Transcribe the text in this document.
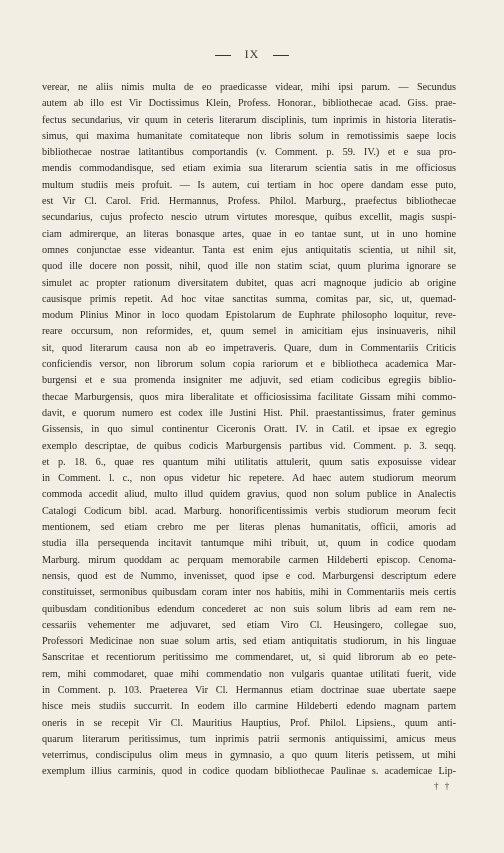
IX
verear, ne aliis nimis multa de eo praedicasse videar, mihi ipsi parum. — Secundus
autem ab illo est Vir Doctissimus Klein, Profess. Honorar., bibliothecae acad. Giss. prae-
fectus secundarius, vir quum in ceteris literarum disciplinis, tum inprimis in historia literatis-
simus, qui maxima humanitate comitateque non libris solum in remotissimis saepe locis
bibliothecae nostrae latitantibus comportandis (v. Comment. p. 59. IV.) et e sua pro-
mendis commodandisque, sed etiam eximia sua literarum scientia satis in me officiosus
multum studiis meis profuit. — Is autem, cui tertiam in hoc opere dandam esse puto,
est Vir Cl. Carol. Frid. Hermannus, Profess. Philol. Marburg., praefectus bibliothecae
secundarius, cujus profecto nescio utrum virtutes moresque, quibus excellit, magis suspi-
ciam admirerque, an literas bonasque artes, quae in eo tantae sunt, ut in uno homine
omnes conjunctae esse videantur. Tanta est enim ejus antiquitatis scientia, ut nihil sit,
quod ille docere non possit, nihil, quod ille non statim sciat, quum plurima ignorare se
simulet ac propter rationum diversitatem dubitet, quas acri magnoque judicio ab origine
causisque primis repetit. Ad hoc vitae sanctitas summa, comitas par, sic, ut, quemad-
modum Plinius Minor in loco quodam Epistolarum de Euphrate philosopho loquitur, reve-
reare occursum, non reformides, et, quum semel in amicitiam ejus insinuaveris, nihil
sit, quod literarum causa non ab eo impetraveris. Quare, dum in Commentariis Criticis
conficiendis versor, non librorum solum copia rariorum et e bibliotheca academica Mar-
burgensi et e sua promenda insigniter me adjuvit, sed etiam codicibus egregiis biblio-
thecae Marburgensis, quos mira liberalitate et officiosissima facilitate Gissam mihi commo-
davit, e quorum numero est codex ille Justini Hist. Phil. praestantissimus, frater geminus
Gissensis, in quo simul continentur Ciceronis Oratt. IV. in Catil. et ipsae ex egregio
exemplo descriptae, de quibus codicis Marburgensis partibus vid. Comment. p. 3. seqq.
et p. 18. 6., quae res quantum mihi utilitatis attulerit, quum satis exposuisse videar
in Comment. l. c., non opus videtur hic repetere. Ad haec autem studiorum meorum
commoda accedit aliud, multo illud quidem gravius, quod non solum publice in Analectis
Catalogi Codicum bibl. acad. Marburg. honorificentissimis verbis studiorum meorum fecit
mentionem, sed etiam crebro me per literas plenas humanitatis, officii, amoris ad
studia illa persequenda incitavit tantumque mihi tribuit, ut, quum in codice quodam
Marburg. mirum quoddam ac perquam memorabile carmen Hildeberti episcop. Cenoma-
nensis, quod est de Nummo, invenisset, quod ipse e cod. Marburgensi descriptum edere
constituisset, sermonibus quibusdam coram inter nos habitis, mihi in Commentariis meis certis
quibusdam conditionibus edendum concederet ac non suis solum libris ad eam rem ne-
cessariis vehementer me adjuvaret, sed etiam Viro Cl. Heusingero, collegae suo,
Professori Medicinae non suae solum artis, sed etiam antiquitatis studiorum, in his linguae
Sanscritae et recentiorum peritissimo me commendaret, ut, si quid librorum ab eo pete-
rem, mihi commodaret, quae mihi commendatio non vulgaris quantae utilitati fuerit, vide
in Comment. p. 103. Praeterea Vir Cl. Hermannus etiam doctrinae suae ubertate saepe
hisce meis studiis succurrit. In eodem illo carmine Hildeberti edendo magnam partem
oneris in se recepit Vir Cl. Mauritius Hauptius, Prof. Philol. Lipsiens., quum anti-
quarum literarum peritissimus, tum inprimis patrii sermonis antiquissimi, amicus meus
veterrimus, condiscipulus olim meus in gymnasio, a quo quum literis petissem, ut mihi
exemplum illius carminis, quod in codice quodam bibliothecae Paulinae s. academicae Lip-
† †
